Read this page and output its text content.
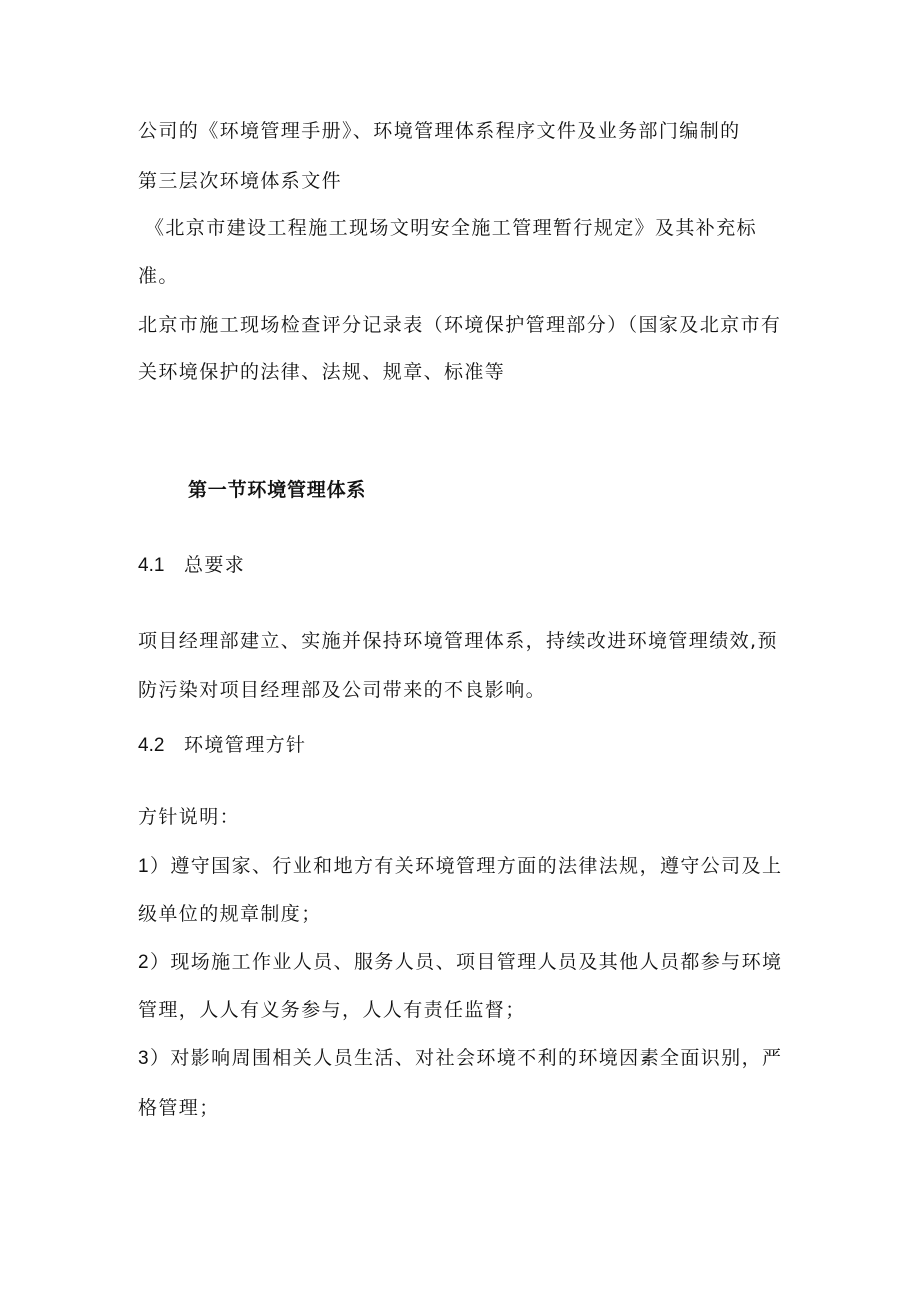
公司的《环境管理手册》、环境管理体系程序文件及业务部门编制的
第三层次环境体系文件
《北京市建设工程施工现场文明安全施工管理暂行规定》及其补充标
准。
北京市施工现场检查评分记录表（环境保护管理部分）（国家及北京市有
关环境保护的法律、法规、规章、标准等
第一节环境管理体系
4.1 总要求
项目经理部建立、实施并保持环境管理体系，持续改进环境管理绩效,预
防污染对项目经理部及公司带来的不良影响。
4.2 环境管理方针
方针说明：
1）遵守国家、行业和地方有关环境管理方面的法律法规，遵守公司及上
级单位的规章制度；
2）现场施工作业人员、服务人员、项目管理人员及其他人员都参与环境
管理，人人有义务参与，人人有责任监督；
3）对影响周围相关人员生活、对社会环境不利的环境因素全面识别，严
格管理；
